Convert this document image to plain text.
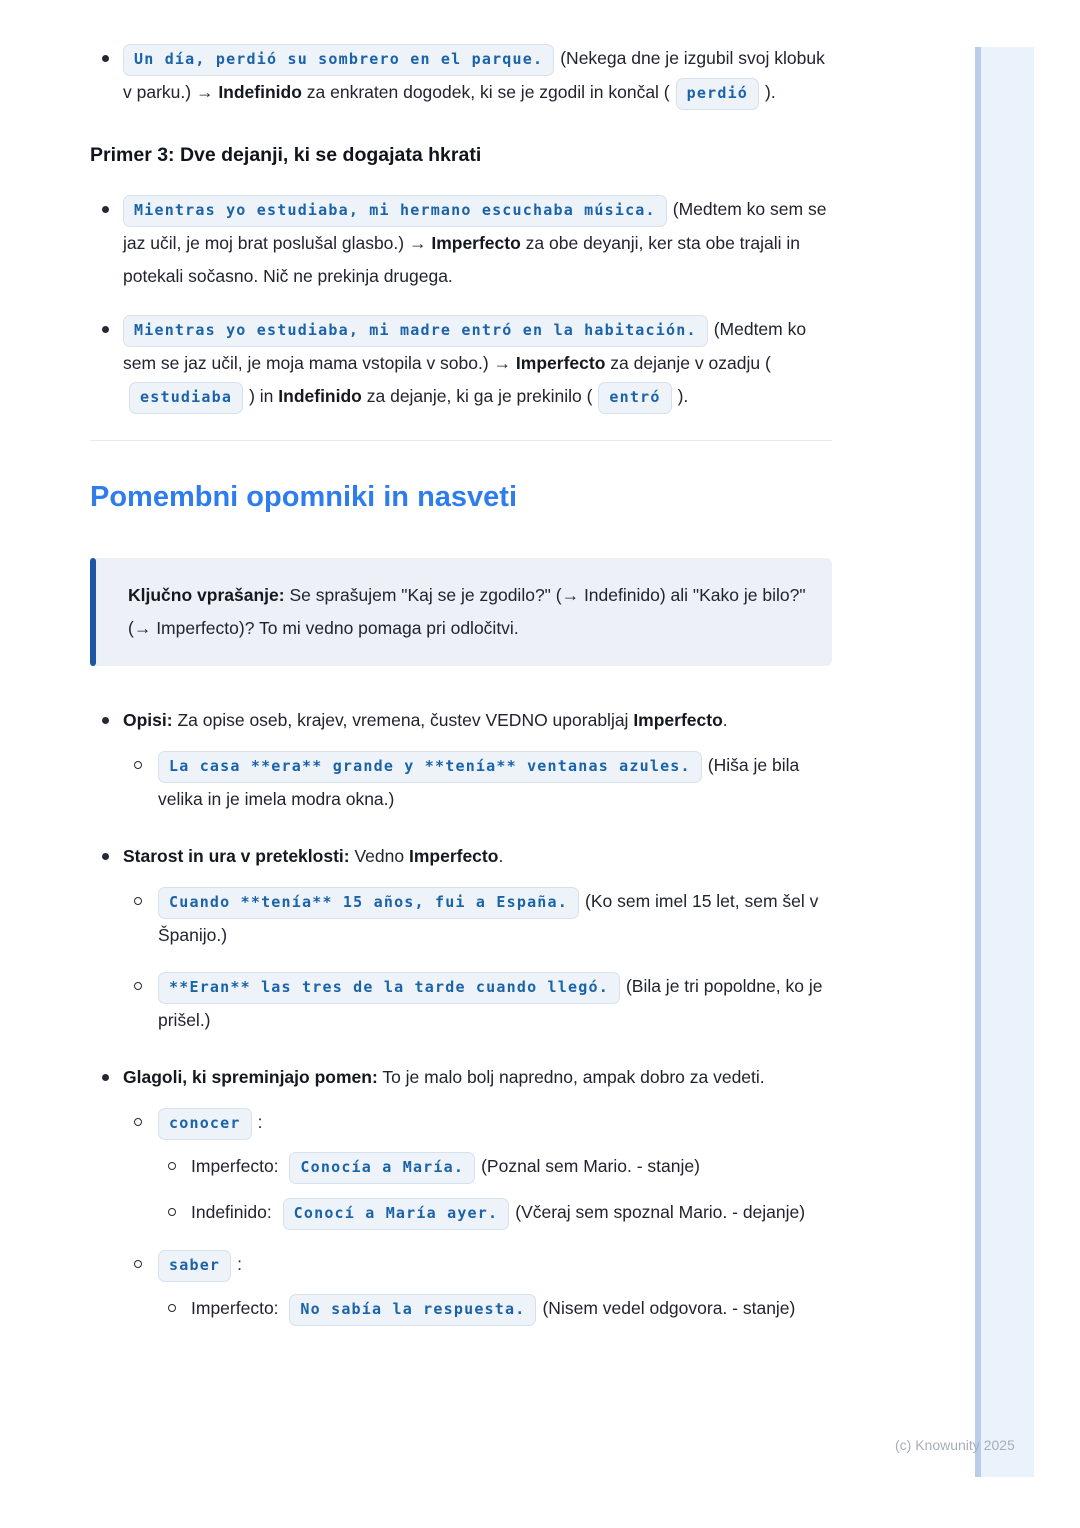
Un día, perdió su sombrero en el parque. (Nekega dne je izgubil svoj klobuk v parku.) → Indefinido za enkraten dogodek, ki se je zgodil in končal ( perdió ).
Primer 3: Dve dejanji, ki se dogajata hkrati
Mientras yo estudiaba, mi hermano escuchaba música. (Medtem ko sem se jaz učil, je moj brat poslušal glasbo.) → Imperfecto za obe deyanji, ker sta obe trajali in potekali sočasno. Nič ne prekinja drugega.
Mientras yo estudiaba, mi madre entró en la habitación. (Medtem ko sem se jaz učil, je moja mama vstopila v sobo.) → Imperfecto za dejanje v ozadju (estudiaba ) in Indefinido za dejanje, ki ga je prekinilo ( entró ).
Pomembni opomniki in nasveti

Ključno vprašanje: Se sprašujem "Kaj se je zgodilo?" (→ Indefinido) ali "Kako je bilo?" (→ Imperfecto)? To mi vedno pomaga pri odločitvi.

Opisi: Za opise oseb, krajev, vremena, čustev VEDNO uporabljaj Imperfecto.
La casa **era** grande y **tenía** ventanas azules. (Hiša je bila velika in je imela modra okna.)
Starost in ura v preteklosti: Vedno Imperfecto.
Cuando **tenía** 15 años, fui a España. (Ko sem imel 15 let, sem šel v Španijo.)
**Eran** las tres de la tarde cuando llegó. (Bila je tri popoldne, ko je prišel.)
Glagoli, ki spreminjajo pomen: To je malo bolj napredno, ampak dobro za vedeti.
conocer :
Imperfecto: Conocía a María. (Poznal sem Mario. - stanje)
Indefinido: Conocí a María ayer. (Včeraj sem spoznal Mario. - dejanje)
saber :
Imperfecto: No sabía la respuesta. (Nisem vedel odgovora. - stanje)
(c) Knowunity 2025
